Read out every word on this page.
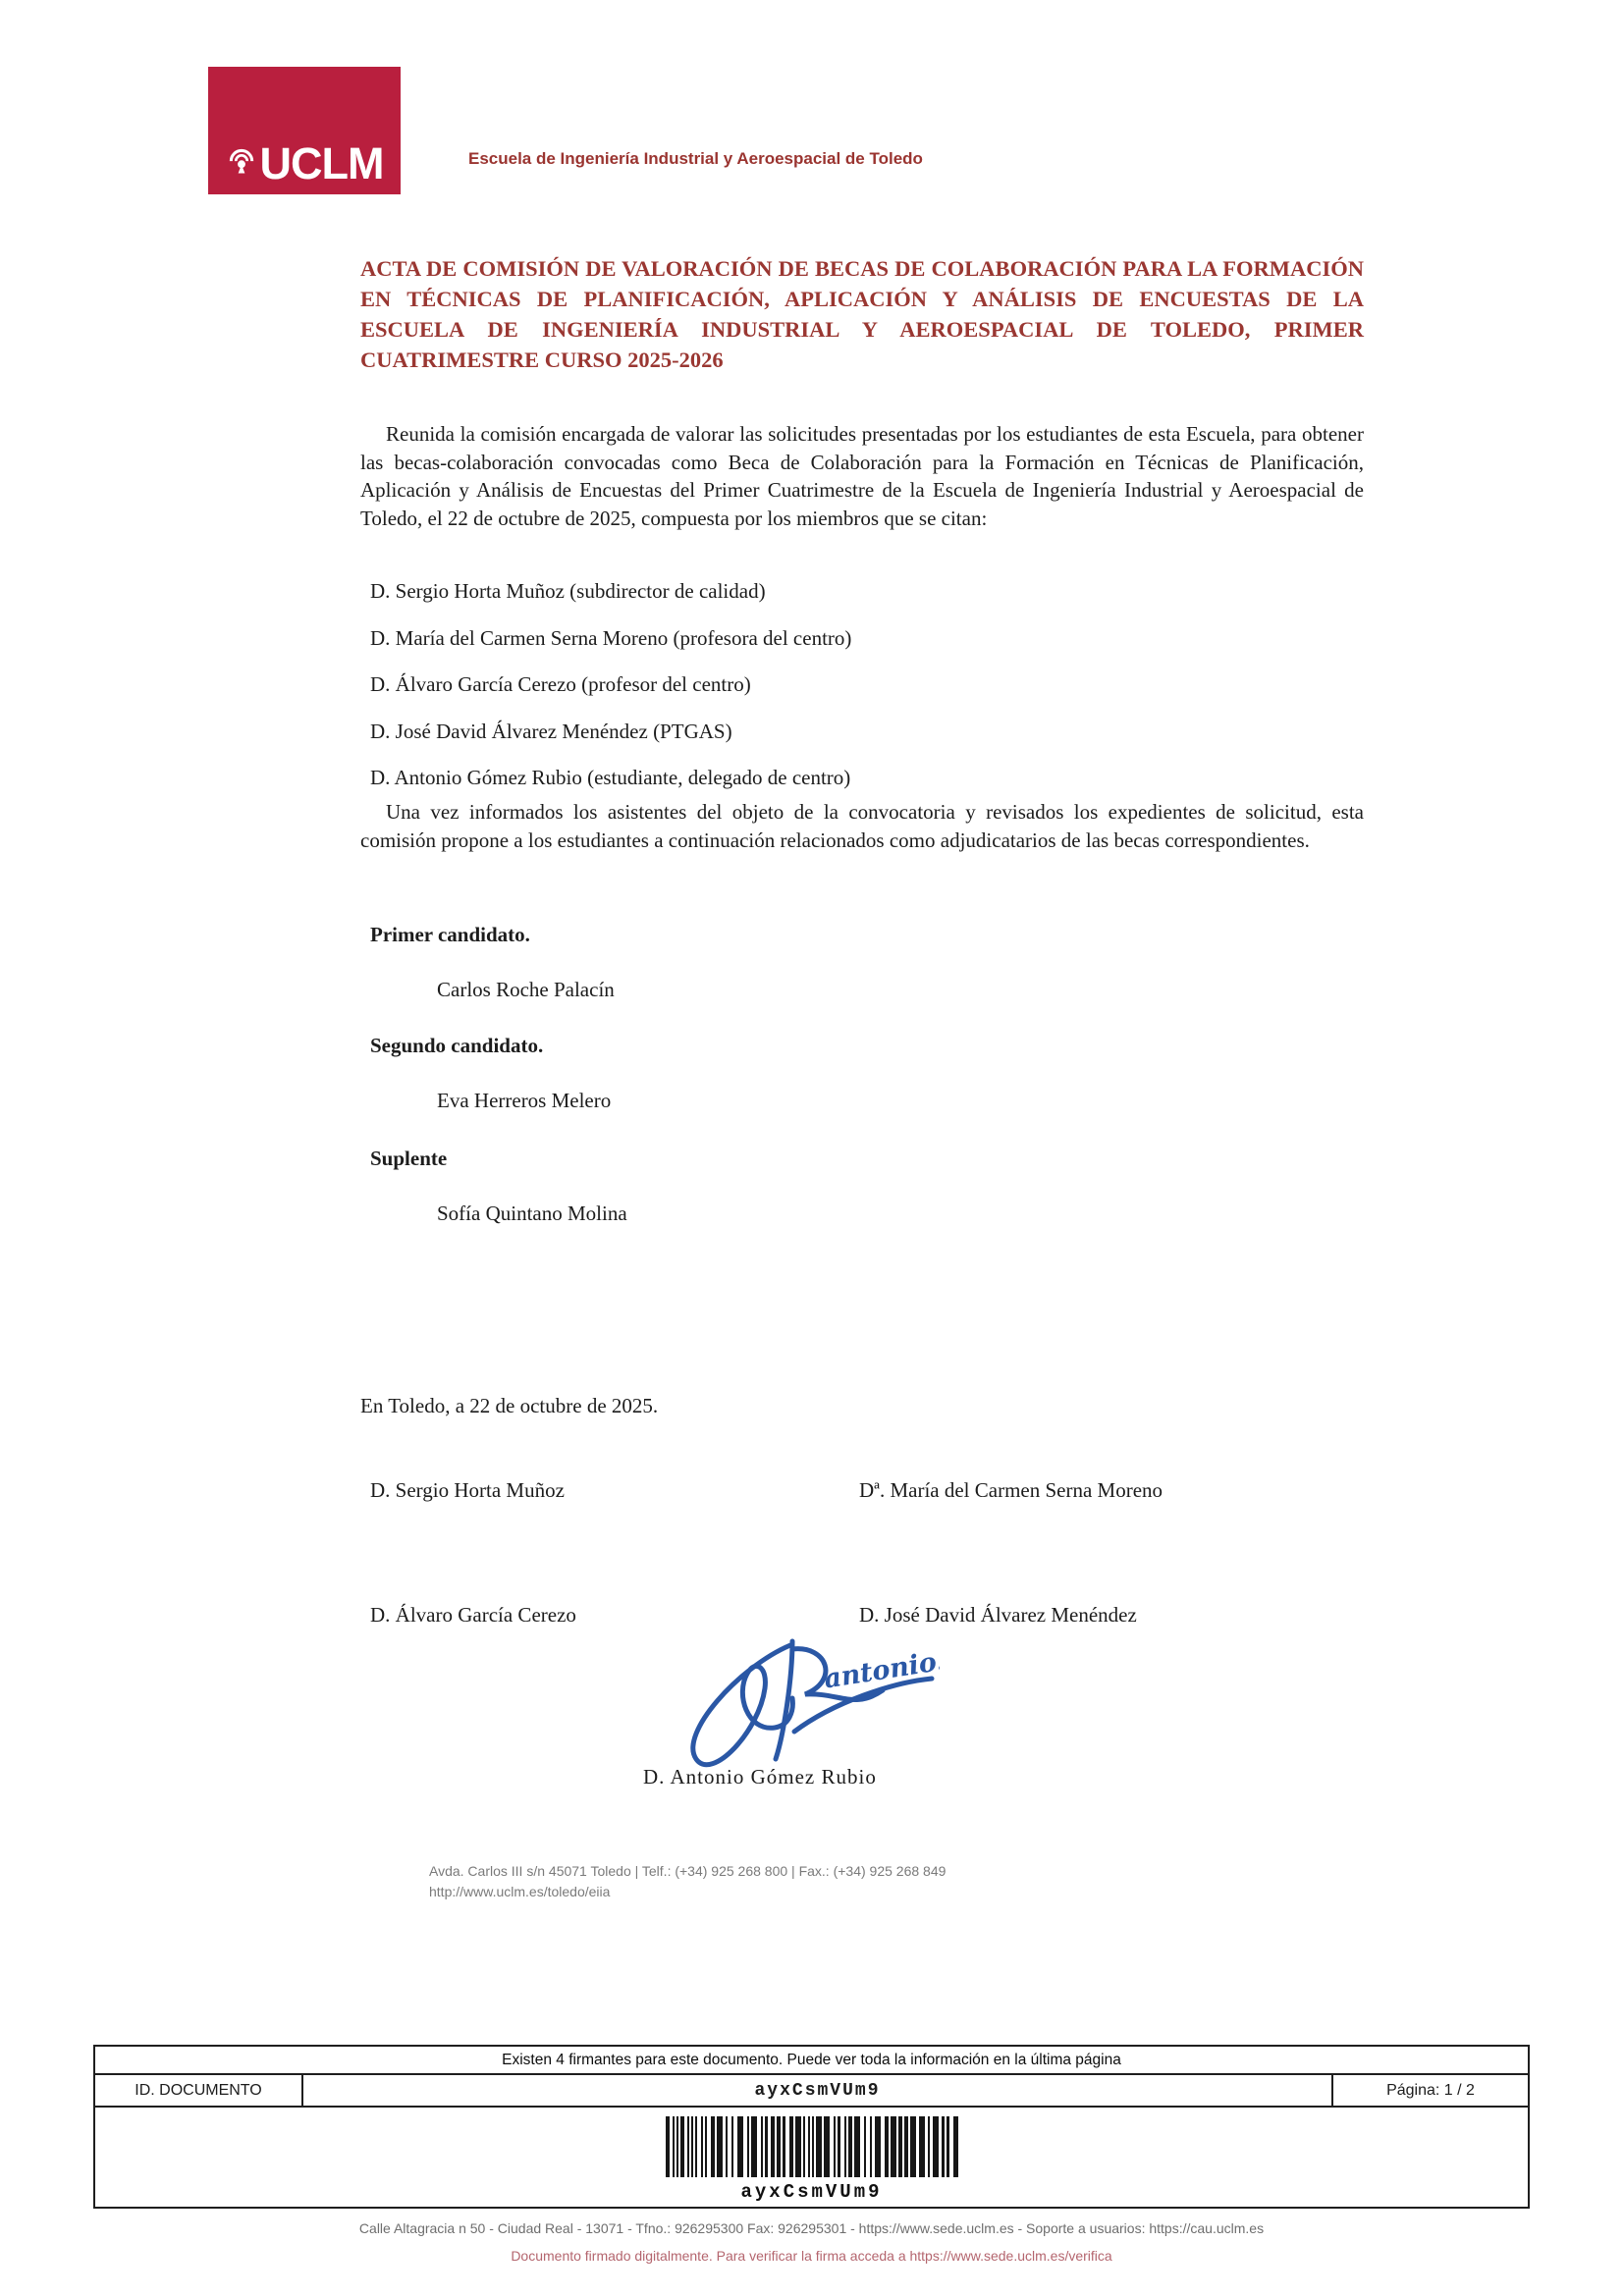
UCLM	Escuela de Ingeniería Industrial y Aeroespacial de Toledo
ACTA DE COMISIÓN DE VALORACIÓN DE BECAS DE COLABORACIÓN PARA LA FORMACIÓN EN TÉCNICAS DE PLANIFICACIÓN, APLICACIÓN Y ANÁLISIS DE ENCUESTAS DE LA ESCUELA DE INGENIERÍA INDUSTRIAL Y AEROESPACIAL DE TOLEDO, PRIMER CUATRIMESTRE CURSO 2025-2026

Reunida la comisión encargada de valorar las solicitudes presentadas por los estudiantes de esta Escuela, para obtener las becas-colaboración convocadas como Beca de Colaboración para la Formación en Técnicas de Planificación, Aplicación y Análisis de Encuestas del Primer Cuatrimestre de la Escuela de Ingeniería Industrial y Aeroespacial de Toledo, el 22 de octubre de 2025, compuesta por los miembros que se citan:

D. Sergio Horta Muñoz (subdirector de calidad)
D. María del Carmen Serna Moreno (profesora del centro)
D. Álvaro García Cerezo (profesor del centro)
D. José David Álvarez Menéndez (PTGAS)
D. Antonio Gómez Rubio (estudiante, delegado de centro)

Una vez informados los asistentes del objeto de la convocatoria y revisados los expedientes de solicitud, esta comisión propone a los estudiantes a continuación relacionados como adjudicatarios de las becas correspondientes.

Primer candidato.

Carlos Roche Palacín

Segundo candidato.

Eva Herreros Melero

Suplente

Sofía Quintano Molina

En Toledo, a 22 de octubre de 2025.
D. Sergio Horta Muñoz	Dª. María del Carmen Serna Moreno
D. Álvaro García Cerezo	D. José David Álvarez Menéndez
antonio.
D. Antonio Gómez Rubio
Avda. Carlos III s/n 45071 Toledo | Telf.: (+34) 925 268 800 | Fax.: (+34) 925 268 849
http://www.uclm.es/toledo/eiia
Existen 4 firmantes para este documento. Puede ver toda la información en la última página
ID. DOCUMENTO	ayxCsmVUm9	Página: 1 / 2
ayxCsmVUm9
Calle Altagracia n 50 - Ciudad Real - 13071 - Tfno.: 926295300 Fax: 926295301 - https://www.sede.uclm.es - Soporte a usuarios: https://cau.uclm.es
Documento firmado digitalmente. Para verificar la firma acceda a https://www.sede.uclm.es/verifica
